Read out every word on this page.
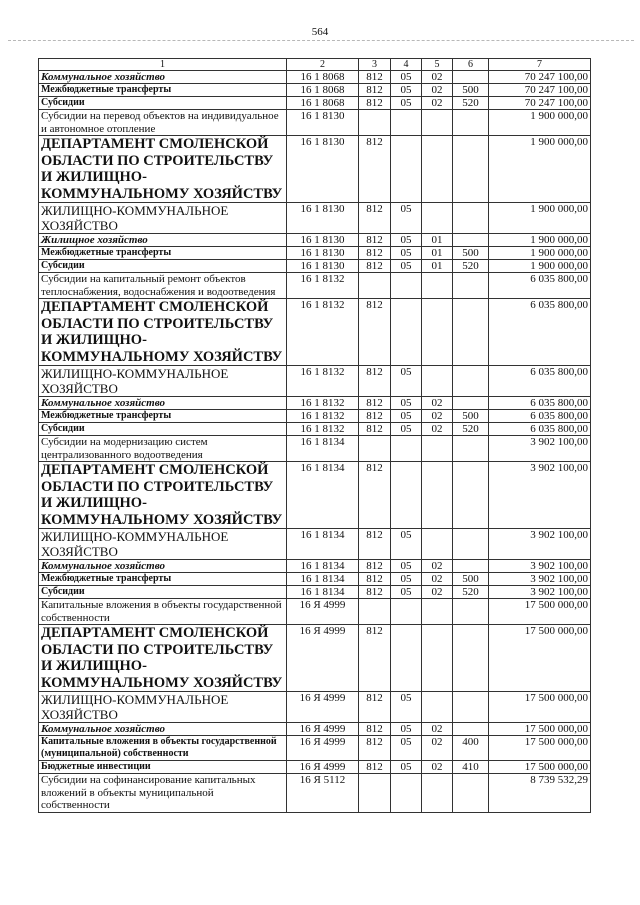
564
1	2	3	4	5	6	7
Коммунальное хозяйство	16 1 8068	812	05	02		70 247 100,00
Межбюджетные трансферты	16 1 8068	812	05	02	500	70 247 100,00
Субсидии	16 1 8068	812	05	02	520	70 247 100,00
Субсидии на перевод объектов на индивидуальное и автономное отопление	16 1 8130					1 900 000,00
ДЕПАРТАМЕНТ СМОЛЕНСКОЙ ОБЛАСТИ ПО СТРОИТЕЛЬСТВУ И ЖИЛИЩНО-КОММУНАЛЬНОМУ ХОЗЯЙСТВУ	16 1 8130	812				1 900 000,00
ЖИЛИЩНО-КОММУНАЛЬНОЕ ХОЗЯЙСТВО	16 1 8130	812	05			1 900 000,00
Жилищное хозяйство	16 1 8130	812	05	01		1 900 000,00
Межбюджетные трансферты	16 1 8130	812	05	01	500	1 900 000,00
Субсидии	16 1 8130	812	05	01	520	1 900 000,00
Субсидии на капитальный ремонт объектов теплоснабжения, водоснабжения и водоотведения	16 1 8132					6 035 800,00
ДЕПАРТАМЕНТ СМОЛЕНСКОЙ ОБЛАСТИ ПО СТРОИТЕЛЬСТВУ И ЖИЛИЩНО-КОММУНАЛЬНОМУ ХОЗЯЙСТВУ	16 1 8132	812				6 035 800,00
ЖИЛИЩНО-КОММУНАЛЬНОЕ ХОЗЯЙСТВО	16 1 8132	812	05			6 035 800,00
Коммунальное хозяйство	16 1 8132	812	05	02		6 035 800,00
Межбюджетные трансферты	16 1 8132	812	05	02	500	6 035 800,00
Субсидии	16 1 8132	812	05	02	520	6 035 800,00
Субсидии на модернизацию систем централизованного водоотведения	16 1 8134					3 902 100,00
ДЕПАРТАМЕНТ СМОЛЕНСКОЙ ОБЛАСТИ ПО СТРОИТЕЛЬСТВУ И ЖИЛИЩНО-КОММУНАЛЬНОМУ ХОЗЯЙСТВУ	16 1 8134	812				3 902 100,00
ЖИЛИЩНО-КОММУНАЛЬНОЕ ХОЗЯЙСТВО	16 1 8134	812	05			3 902 100,00
Коммунальное хозяйство	16 1 8134	812	05	02		3 902 100,00
Межбюджетные трансферты	16 1 8134	812	05	02	500	3 902 100,00
Субсидии	16 1 8134	812	05	02	520	3 902 100,00
Капитальные вложения в объекты государственной собственности	16 Я 4999					17 500 000,00
ДЕПАРТАМЕНТ СМОЛЕНСКОЙ ОБЛАСТИ ПО СТРОИТЕЛЬСТВУ И ЖИЛИЩНО-КОММУНАЛЬНОМУ ХОЗЯЙСТВУ	16 Я 4999	812				17 500 000,00
ЖИЛИЩНО-КОММУНАЛЬНОЕ ХОЗЯЙСТВО	16 Я 4999	812	05			17 500 000,00
Коммунальное хозяйство	16 Я 4999	812	05	02		17 500 000,00
Капитальные вложения в объекты государственной (муниципальной) собственности	16 Я 4999	812	05	02	400	17 500 000,00
Бюджетные инвестиции	16 Я 4999	812	05	02	410	17 500 000,00
Субсидии на софинансирование капитальных вложений в объекты муниципальной собственности	16 Я 5112					8 739 532,29
